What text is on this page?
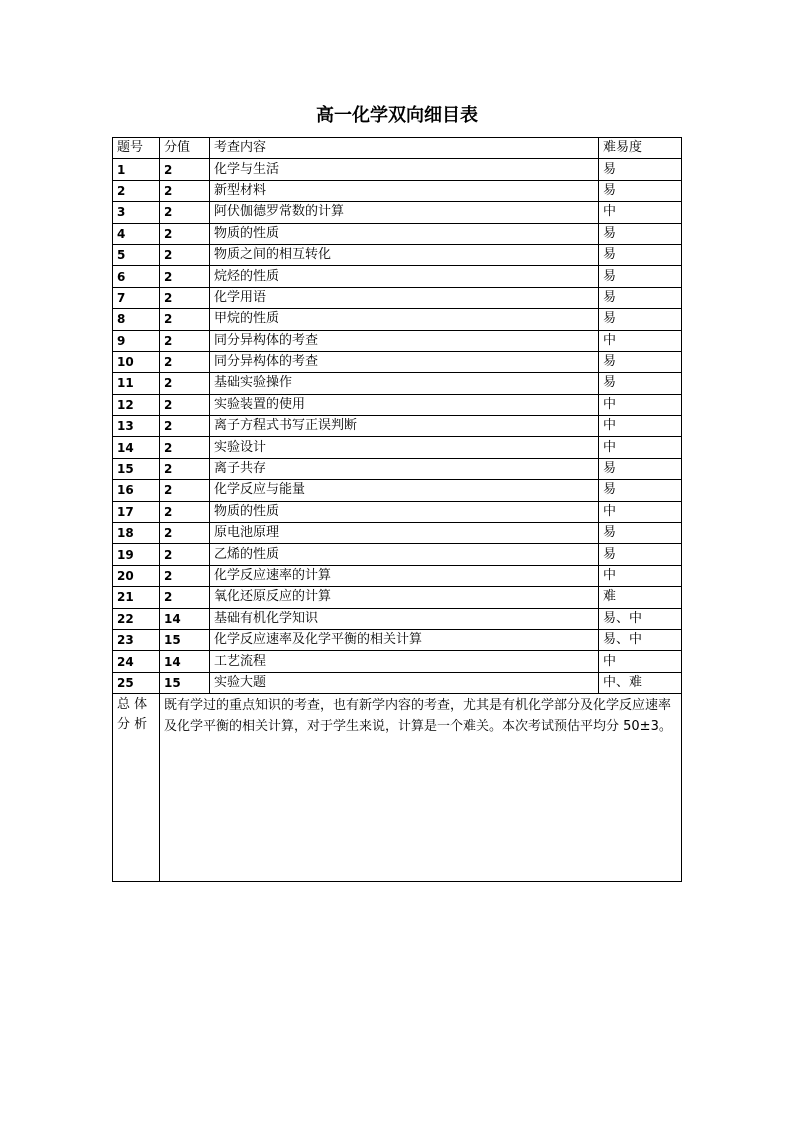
高一化学双向细目表
题号	分值	考查内容	难易度
1	2	化学与生活	易
2	2	新型材料	易
3	2	阿伏伽德罗常数的计算	中
4	2	物质的性质	易
5	2	物质之间的相互转化	易
6	2	烷烃的性质	易
7	2	化学用语	易
8	2	甲烷的性质	易
9	2	同分异构体的考查	中
10	2	同分异构体的考查	易
11	2	基础实验操作	易
12	2	实验装置的使用	中
13	2	离子方程式书写正误判断	中
14	2	实验设计	中
15	2	离子共存	易
16	2	化学反应与能量	易
17	2	物质的性质	中
18	2	原电池原理	易
19	2	乙烯的性质	易
20	2	化学反应速率的计算	中
21	2	氧化还原反应的计算	难
22	14	基础有机化学知识	易、中
23	15	化学反应速率及化学平衡的相关计算	易、中
24	14	工艺流程	中
25	15	实验大题	中、难
总 体 分 析	既有学过的重点知识的考查，也有新学内容的考查，尤其是有机化学部分及化学反应速率及化学平衡的相关计算，对于学生来说，计算是一个难关。本次考试预估平均分 50±3。		
